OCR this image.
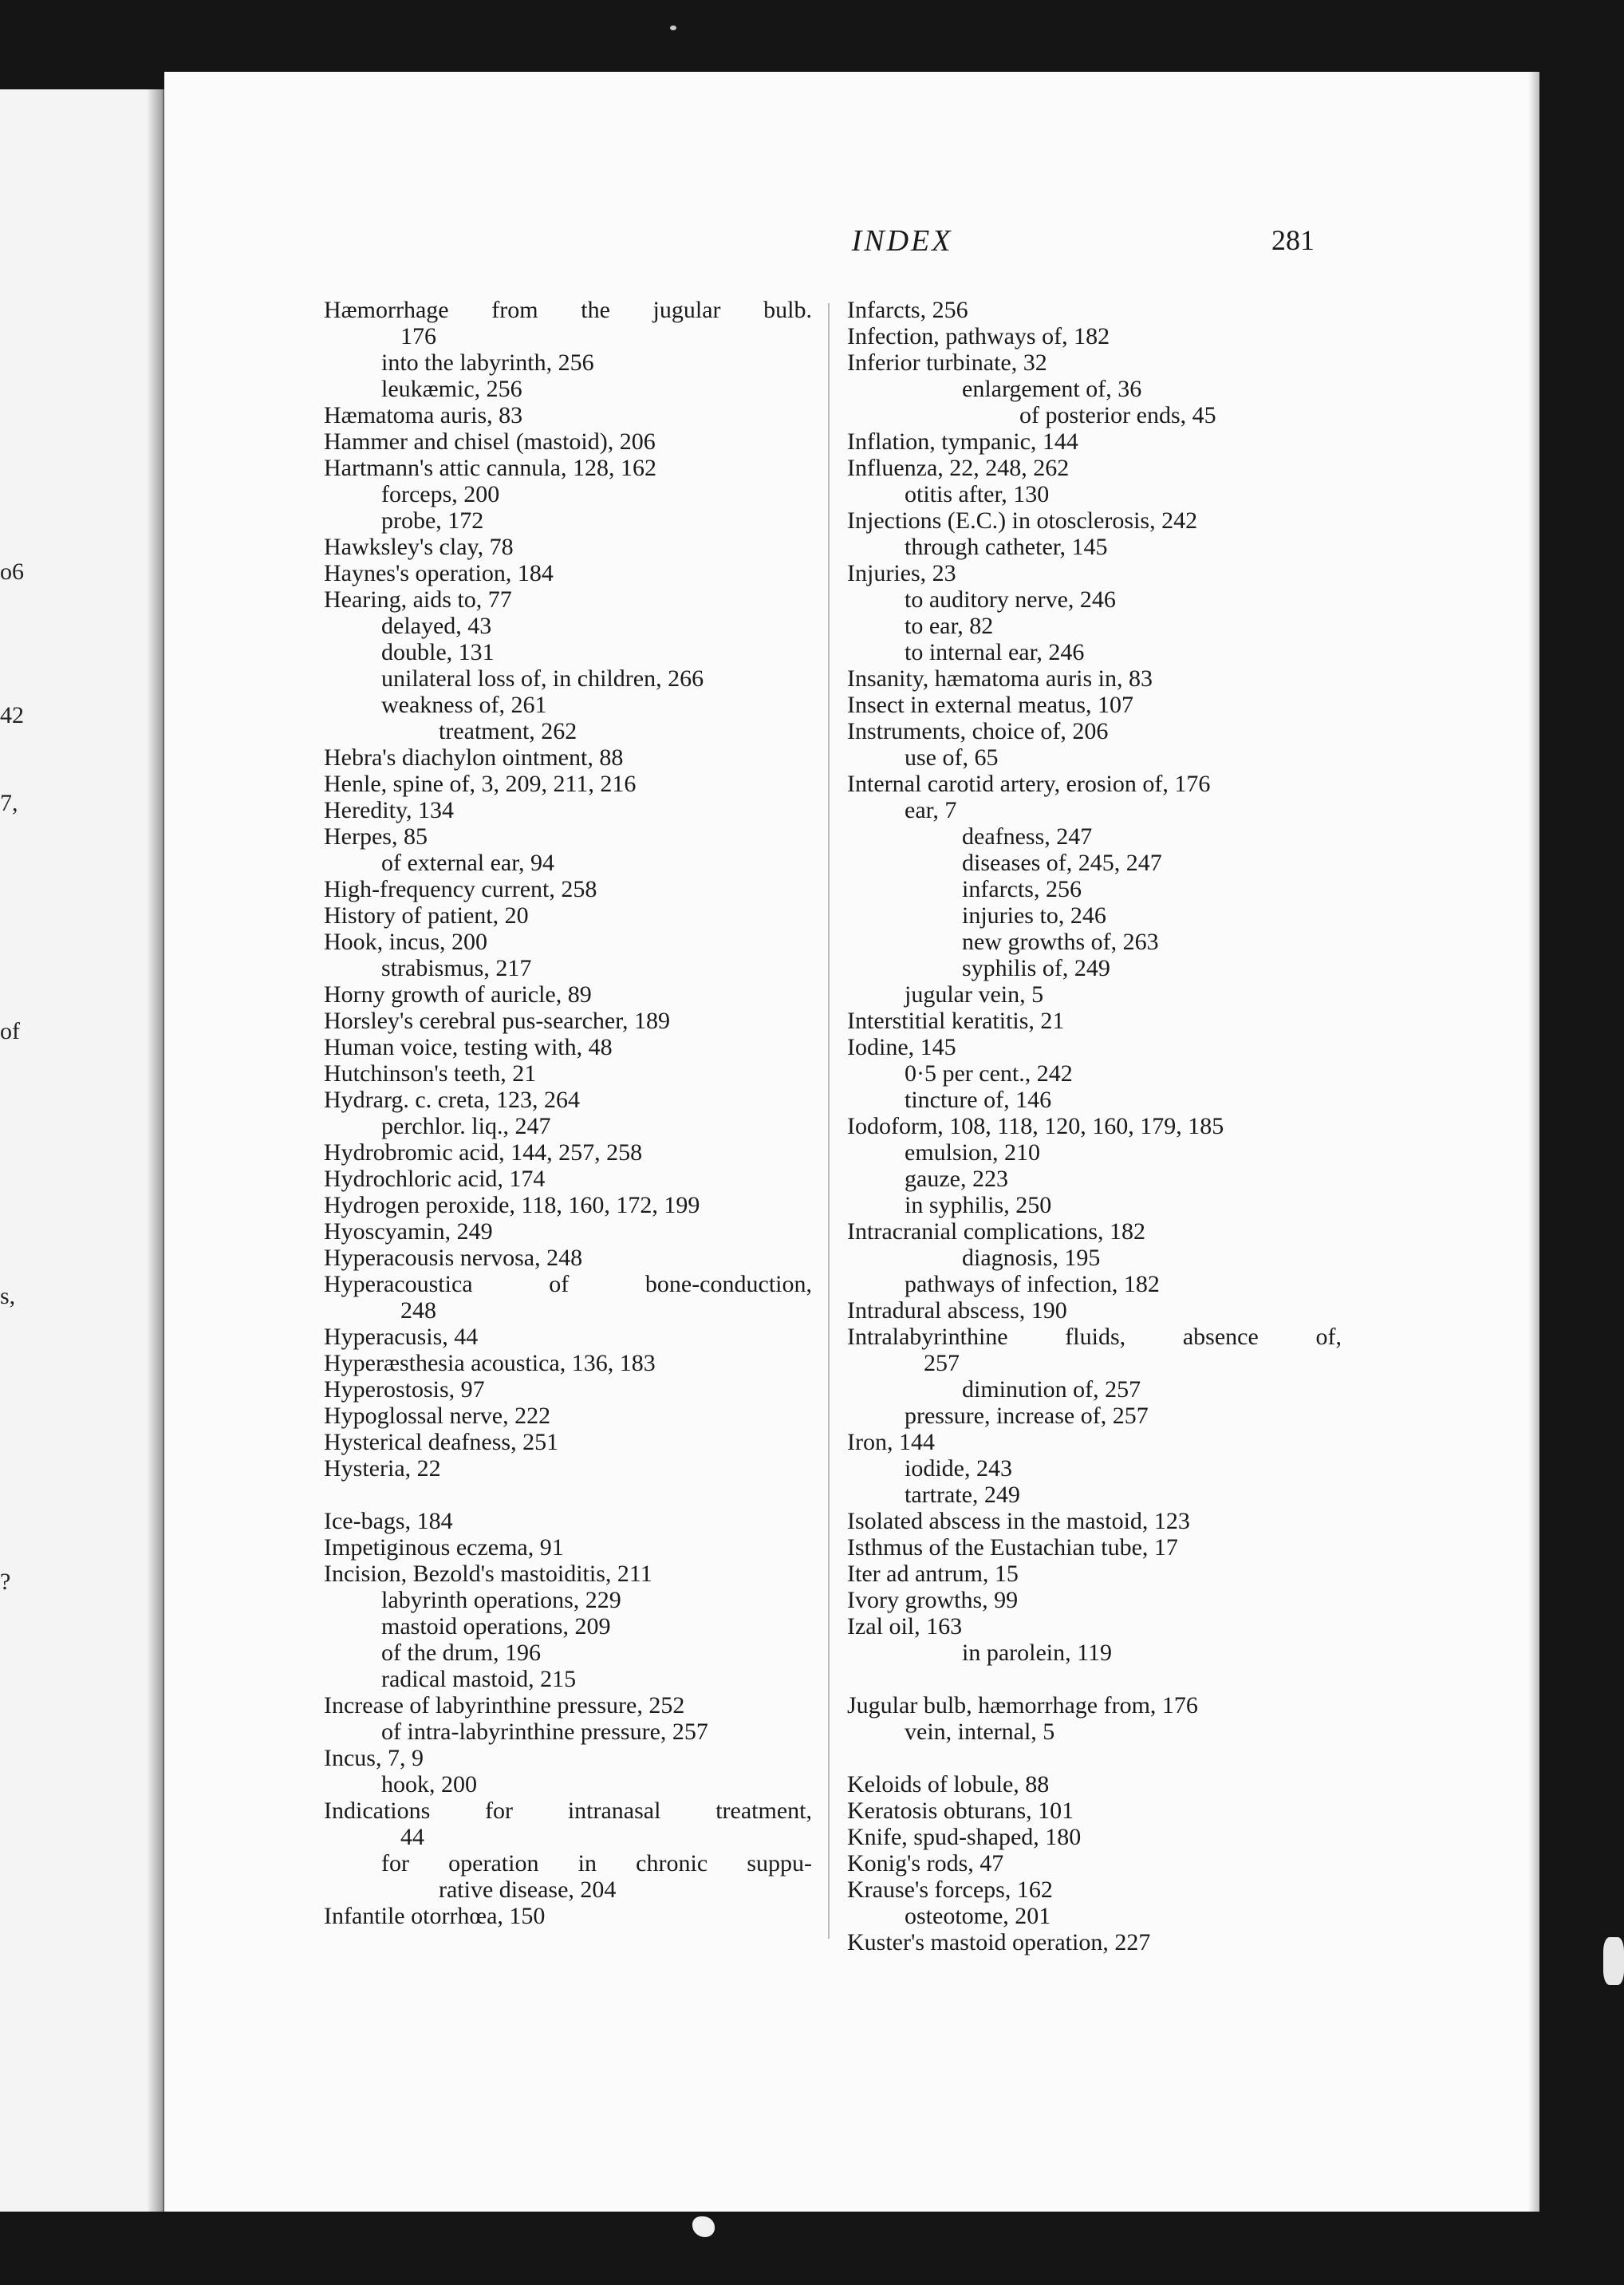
o6
42
7,
of
s,
?
INDEX	281
Hæmorrhage from the jugular bulb.
176
into the labyrinth, 256
leukæmic, 256
Hæmatoma auris, 83
Hammer and chisel (mastoid), 206
Hartmann's attic cannula, 128, 162
forceps, 200
probe, 172
Hawksley's clay, 78
Haynes's operation, 184
Hearing, aids to, 77
delayed, 43
double, 131
unilateral loss of, in children, 266
weakness of, 261
treatment, 262
Hebra's diachylon ointment, 88
Henle, spine of, 3, 209, 211, 216
Heredity, 134
Herpes, 85
of external ear, 94
High-frequency current, 258
History of patient, 20
Hook, incus, 200
strabismus, 217
Horny growth of auricle, 89
Horsley's cerebral pus-searcher, 189
Human voice, testing with, 48
Hutchinson's teeth, 21
Hydrarg. c. creta, 123, 264
perchlor. liq., 247
Hydrobromic acid, 144, 257, 258
Hydrochloric acid, 174
Hydrogen peroxide, 118, 160, 172, 199
Hyoscyamin, 249
Hyperacousis nervosa, 248
Hyperacoustica of bone-conduction,
248
Hyperacusis, 44
Hyperæsthesia acoustica, 136, 183
Hyperostosis, 97
Hypoglossal nerve, 222
Hysterical deafness, 251
Hysteria, 22
Ice-bags, 184
Impetiginous eczema, 91
Incision, Bezold's mastoiditis, 211
labyrinth operations, 229
mastoid operations, 209
of the drum, 196
radical mastoid, 215
Increase of labyrinthine pressure, 252
of intra-labyrinthine pressure, 257
Incus, 7, 9
hook, 200
Indications for intranasal treatment,
44
for operation in chronic suppu-
rative disease, 204
Infantile otorrhœa, 150
Infarcts, 256
Infection, pathways of, 182
Inferior turbinate, 32
enlargement of, 36
of posterior ends, 45
Inflation, tympanic, 144
Influenza, 22, 248, 262
otitis after, 130
Injections (E.C.) in otosclerosis, 242
through catheter, 145
Injuries, 23
to auditory nerve, 246
to ear, 82
to internal ear, 246
Insanity, hæmatoma auris in, 83
Insect in external meatus, 107
Instruments, choice of, 206
use of, 65
Internal carotid artery, erosion of, 176
ear, 7
deafness, 247
diseases of, 245, 247
infarcts, 256
injuries to, 246
new growths of, 263
syphilis of, 249
jugular vein, 5
Interstitial keratitis, 21
Iodine, 145
0·5 per cent., 242
tincture of, 146
Iodoform, 108, 118, 120, 160, 179, 185
emulsion, 210
gauze, 223
in syphilis, 250
Intracranial complications, 182
diagnosis, 195
pathways of infection, 182
Intradural abscess, 190
Intralabyrinthine fluids, absence of,
257
diminution of, 257
pressure, increase of, 257
Iron, 144
iodide, 243
tartrate, 249
Isolated abscess in the mastoid, 123
Isthmus of the Eustachian tube, 17
Iter ad antrum, 15
Ivory growths, 99
Izal oil, 163
in parolein, 119
Jugular bulb, hæmorrhage from, 176
vein, internal, 5
Keloids of lobule, 88
Keratosis obturans, 101
Knife, spud-shaped, 180
Konig's rods, 47
Krause's forceps, 162
osteotome, 201
Kuster's mastoid operation, 227
